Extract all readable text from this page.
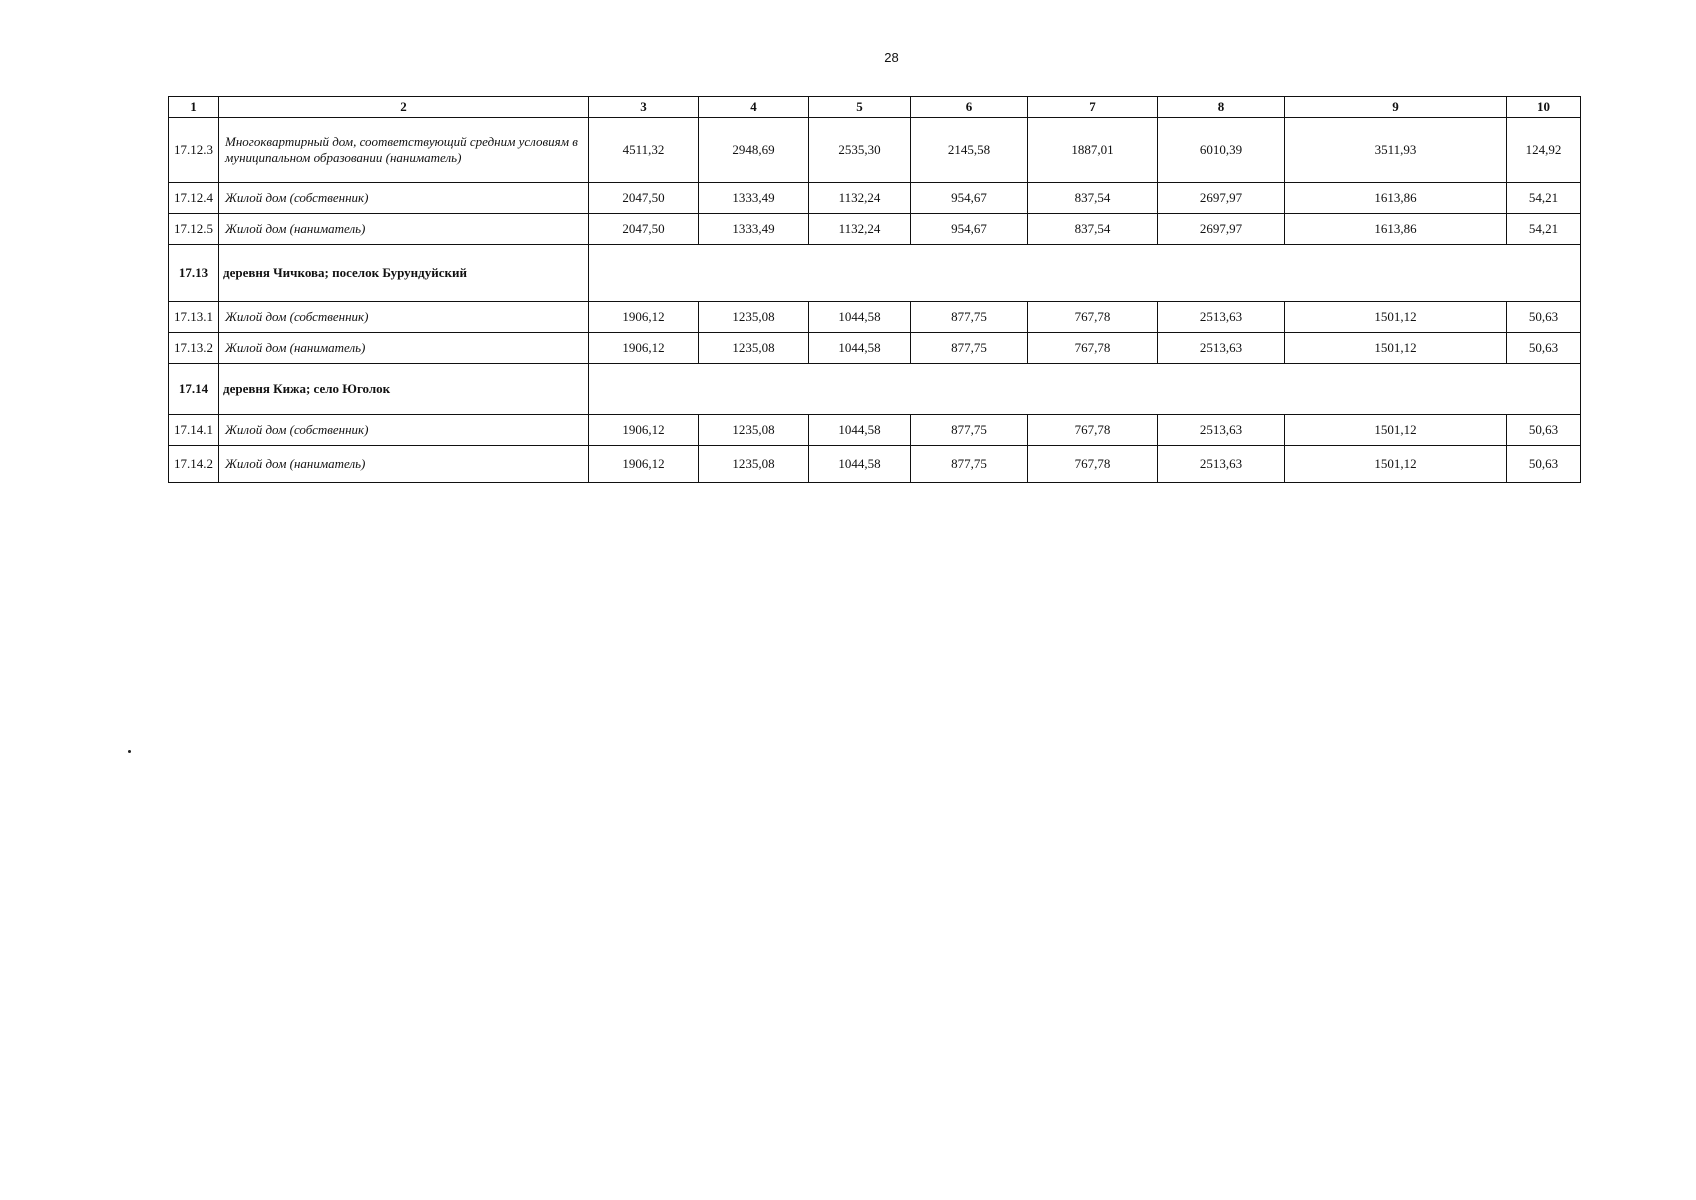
28
1	2	3	4	5	6	7	8	9	10
17.12.3	Многоквартирный дом, соответствующий средним условиям в муниципальном образовании (наниматель)	4511,32	2948,69	2535,30	2145,58	1887,01	6010,39	3511,93	124,92
17.12.4	Жилой дом (собственник)	2047,50	1333,49	1132,24	954,67	837,54	2697,97	1613,86	54,21
17.12.5	Жилой дом (наниматель)	2047,50	1333,49	1132,24	954,67	837,54	2697,97	1613,86	54,21
17.13	деревня Чичкова; поселок Бурундуйский								
17.13.1	Жилой дом (собственник)	1906,12	1235,08	1044,58	877,75	767,78	2513,63	1501,12	50,63
17.13.2	Жилой дом (наниматель)	1906,12	1235,08	1044,58	877,75	767,78	2513,63	1501,12	50,63
17.14	деревня Кижа; село Юголок								
17.14.1	Жилой дом (собственник)	1906,12	1235,08	1044,58	877,75	767,78	2513,63	1501,12	50,63
17.14.2	Жилой дом (наниматель)	1906,12	1235,08	1044,58	877,75	767,78	2513,63	1501,12	50,63
